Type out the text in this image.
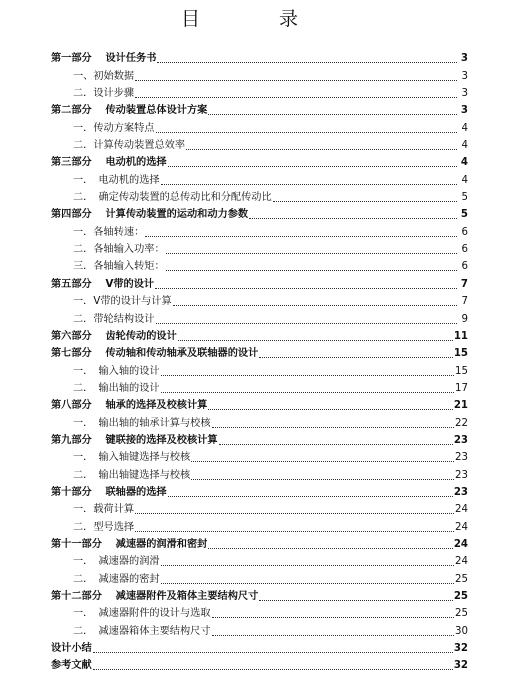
目　录
第一部分　 设计任务书	3
一、初始数据	3
二．设计步骤	3
第二部分　 传动装置总体设计方案	3
一．传动方案特点	4
二．计算传动装置总效率	4
第三部分　 电动机的选择	4
一．　电动机的选择	4
二．　确定传动装置的总传动比和分配传动比	5
第四部分　 计算传动装置的运动和动力参数	5
一．各轴转速：	6
二．各轴输入功率：	6
三．各轴输入转矩：	6
第五部分　 V带的设计	7
一．V带的设计与计算	7
二．带轮结构设计	9
第六部分　 齿轮传动的设计	11
第七部分　 传动轴和传动轴承及联轴器的设计	15
一．　输入轴的设计	15
二．　输出轴的设计	17
第八部分　 轴承的选择及校核计算	21
一．　输出轴的轴承计算与校核	22
第九部分　 键联接的选择及校核计算	23
一．　输入轴键选择与校核	23
二．　输出轴键选择与校核	23
第十部分　 联轴器的选择	23
一．载荷计算	24
二．型号选择	24
第十一部分　 减速器的润滑和密封	24
一．　减速器的润滑	24
二．　减速器的密封	25
第十二部分　 减速器附件及箱体主要结构尺寸	25
一．　减速器附件的设计与选取	25
二．　减速器箱体主要结构尺寸	30
设计小结	32
参考文献	32
